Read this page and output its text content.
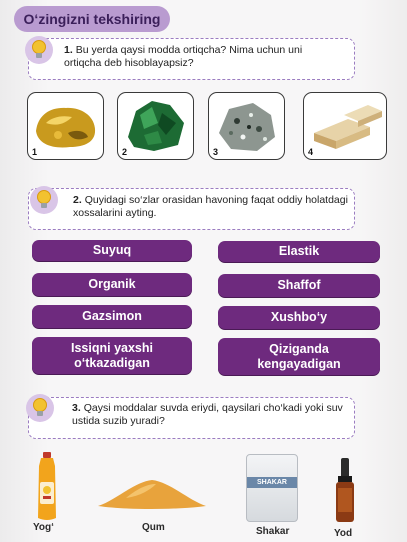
O‘zingizni tekshiring
1. Bu yerda qaysi modda ortiqcha? Nima uchun uni
ortiqcha deb hisoblayapsiz?
1	2	3	4
2. Quyidagi so‘zlar orasidan havoning faqat oddiy holatdagi
xossalarini ayting.
Suyuq	Elastik
Organik	Shaffof
Gazsimon	Xushbo‘y
Issiqni yaxshi
o‘tkazadigan
Qiziganda
kengayadigan
3. Qaysi moddalar suvda eriydi, qaysilari cho‘kadi yoki suv
ustida suzib yuradi?
Yog‘	Qum
SHAKAR
Shakar	Yod
